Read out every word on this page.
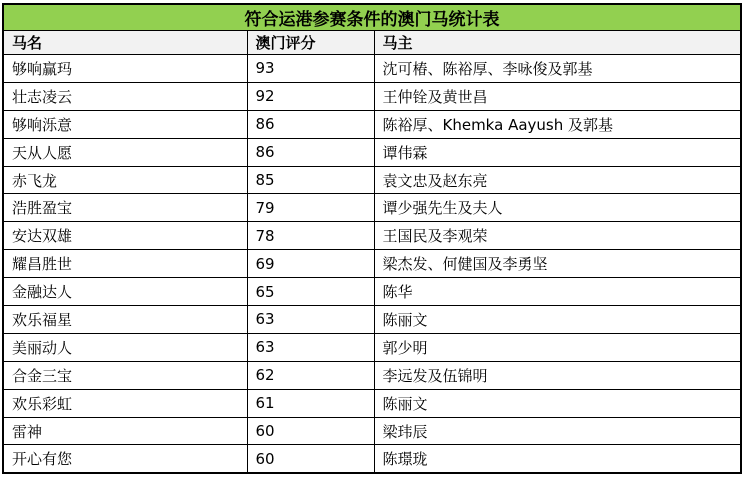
符合运港参赛条件的澳门马统计表		
马名	澳门评分	马主
够响赢玛	93	沈可椿、陈裕厚、李咏俊及郭基
壮志凌云	92	王仲铨及黄世昌
够响泺意	86	陈裕厚、Khemka Aayush 及郭基
天从人愿	86	谭伟霖
赤飞龙	85	袁文忠及赵东亮
浩胜盈宝	79	谭少强先生及夫人
安达双雄	78	王国民及李观荣
耀昌胜世	69	梁杰发、何健国及李勇坚
金融达人	65	陈华
欢乐福星	63	陈丽文
美丽动人	63	郭少明
合金三宝	62	李远发及伍锦明
欢乐彩虹	61	陈丽文
雷神	60	梁玮辰
开心有您	60	陈璟珑
